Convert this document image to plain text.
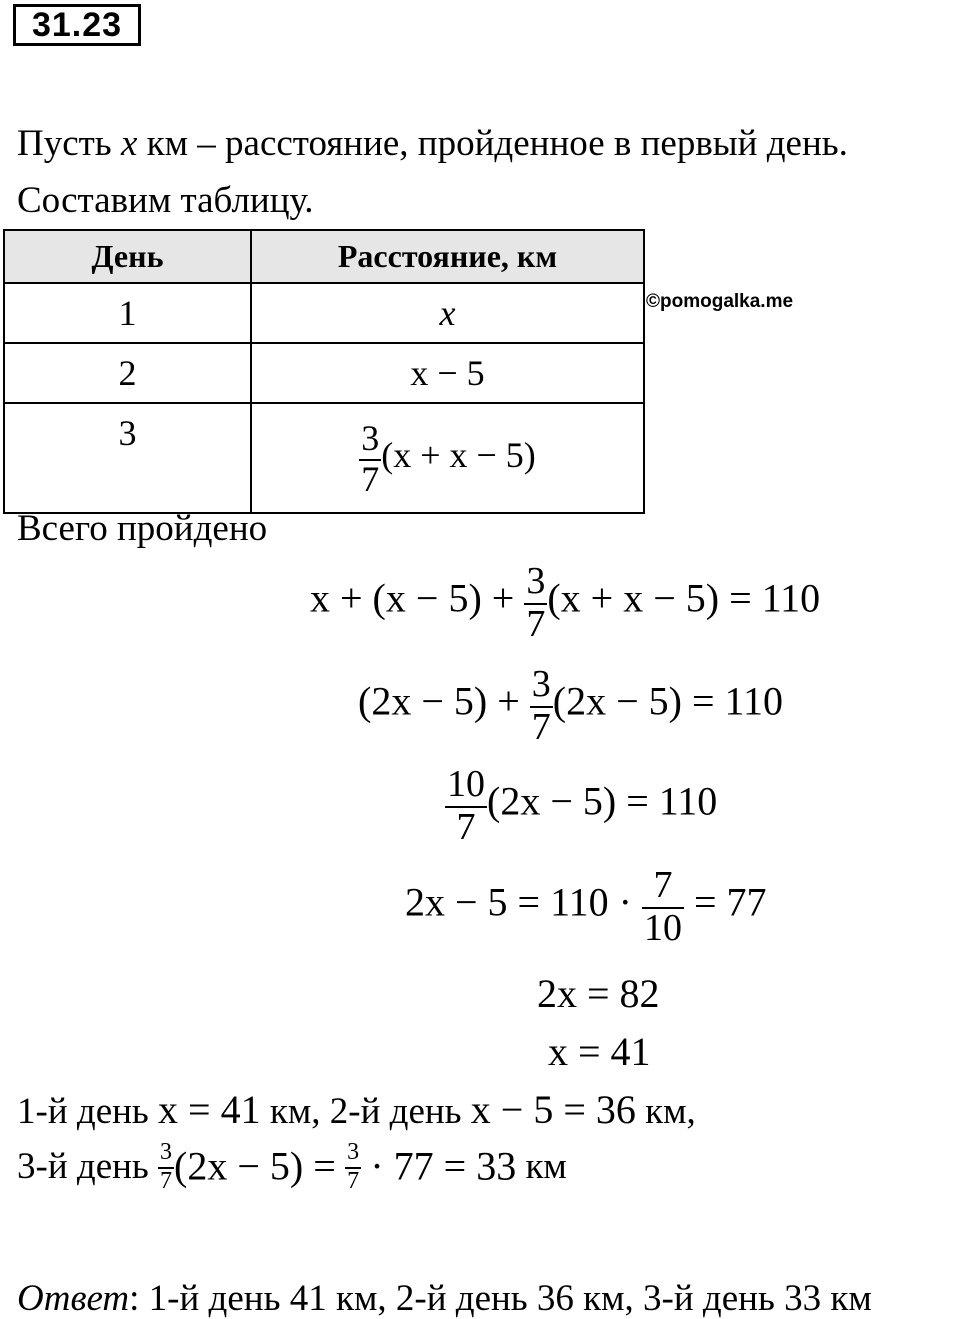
31.23
Пусть x км – расстояние, пройденное в первый день.
Составим таблицу.
День	Расстояние, км
1	x
2	x − 5
3	$\frac{3}{7} (x + x - 5)$
©pomogalka.me
Всего пройдено
$x + (x - 5) + \frac{3}{7} (x + x - 5) = 110$
$(2x - 5) + \frac{3}{7} (2x - 5) = 110$
$\frac{10}{7} (2x - 5) = 110$
$2x - 5 = 110 \cdot \frac{7}{10} = 77$
2x = 82
x = 41
1-й день x = 41 км, 2-й день x − 5 = 36 км,
3-й день $\frac{3}{7} (2x - 5) = \frac{3}{7} \cdot 77 = 33$ км
Ответ: 1-й день 41 км, 2-й день 36 км, 3-й день 33 км
